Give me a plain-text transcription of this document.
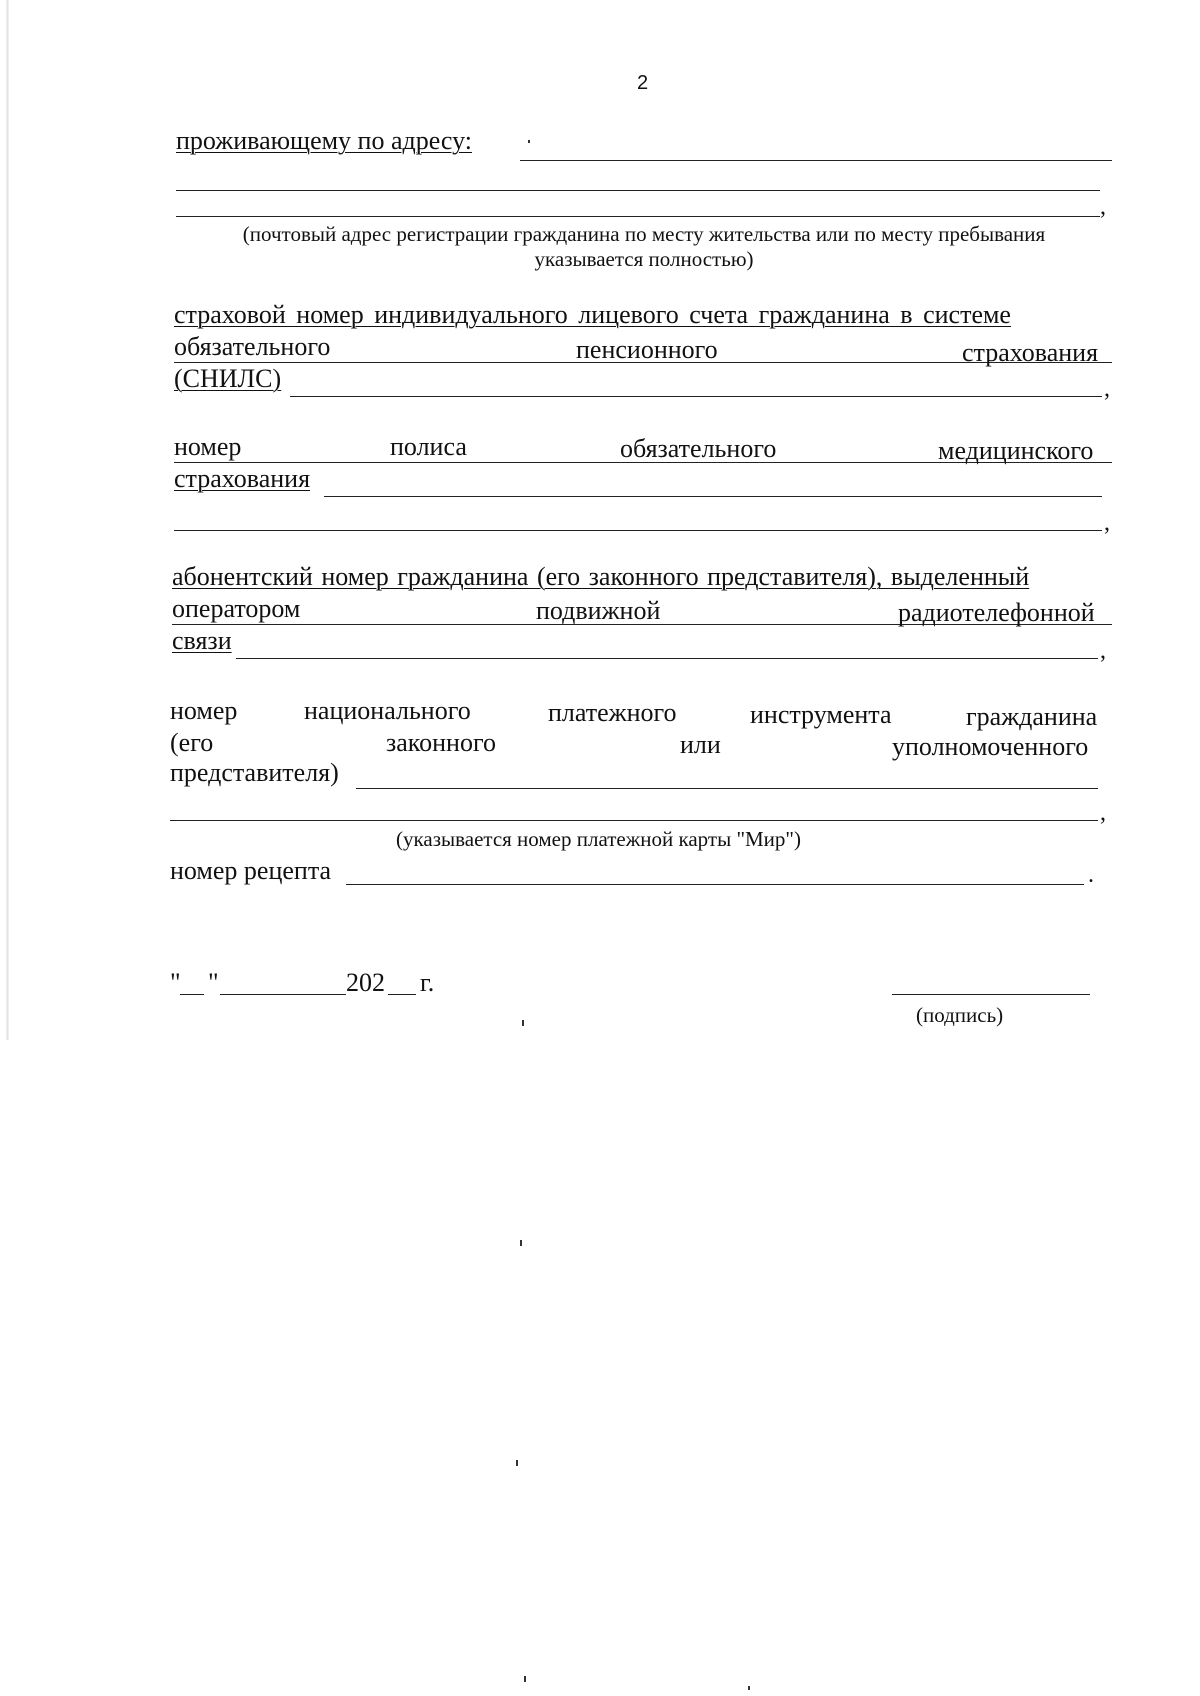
2
проживающему по адресу:
,
(почтовый адрес регистрации гражданина по месту жительства или по месту пребывания
указывается полностью)
страховой номер индивидуального лицевого счета гражданина в системе
обязательного	пенсионного	страхования
(СНИЛС)	,
номер	полиса	обязательного	медицинского
страхования
,
абонентский номер гражданина (его законного представителя), выделенный
оператором	подвижной	радиотелефонной
связи	,
номер	национального	платежного	инструмента	гражданина
(его	законного	или	уполномоченного
представителя)
,
(указывается номер платежной карты "Мир")
номер рецепта	.
" "	202 г.
(подпись)
